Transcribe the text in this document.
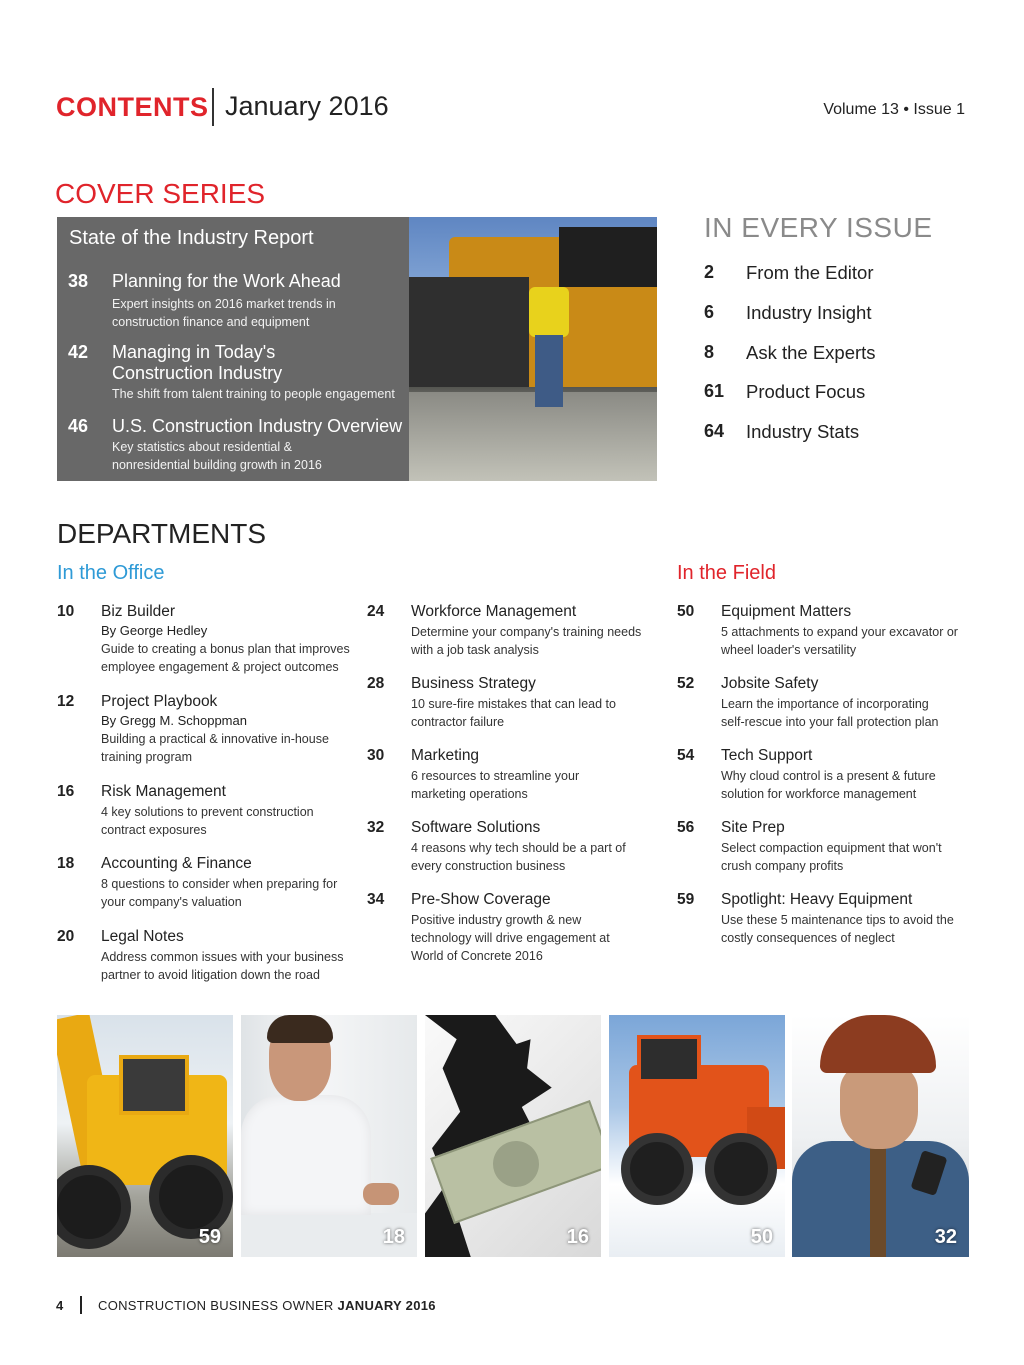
CONTENTS January 2016	Volume 13 • Issue 1
COVER SERIES
State of the Industry Report
38 Planning for the Work Ahead
Expert insights on 2016 market trends in
construction finance and equipment
42 Managing in Today's
Construction Industry
The shift from talent training to people engagement
46 U.S. Construction Industry Overview
Key statistics about residential &
nonresidential building growth in 2016
IN EVERY ISSUE
2 From the Editor
6 Industry Insight
8 Ask the Experts
61 Product Focus
64 Industry Stats
DEPARTMENTS
In the Office	In the Field
10 Biz Builder
By George Hedley
Guide to creating a bonus plan that improves
employee engagement & project outcomes
12 Project Playbook
By Gregg M. Schoppman
Building a practical & innovative in-house
training program
16 Risk Management
4 key solutions to prevent construction
contract exposures
18 Accounting & Finance
8 questions to consider when preparing for
your company's valuation
20 Legal Notes
Address common issues with your business
partner to avoid litigation down the road
24 Workforce Management
Determine your company's training needs
with a job task analysis
28 Business Strategy
10 sure-fire mistakes that can lead to
contractor failure
30 Marketing
6 resources to streamline your
marketing operations
32 Software Solutions
4 reasons why tech should be a part of
every construction business
34 Pre-Show Coverage
Positive industry growth & new
technology will drive engagement at
World of Concrete 2016
50 Equipment Matters
5 attachments to expand your excavator or
wheel loader's versatility
52 Jobsite Safety
Learn the importance of incorporating
self-rescue into your fall protection plan
54 Tech Support
Why cloud control is a present & future
solution for workforce management
56 Site Prep
Select compaction equipment that won't
crush company profits
59 Spotlight: Heavy Equipment
Use these 5 maintenance tips to avoid the
costly consequences of neglect
59	18	16	50	32
4	CONSTRUCTION BUSINESS OWNER JANUARY 2016
